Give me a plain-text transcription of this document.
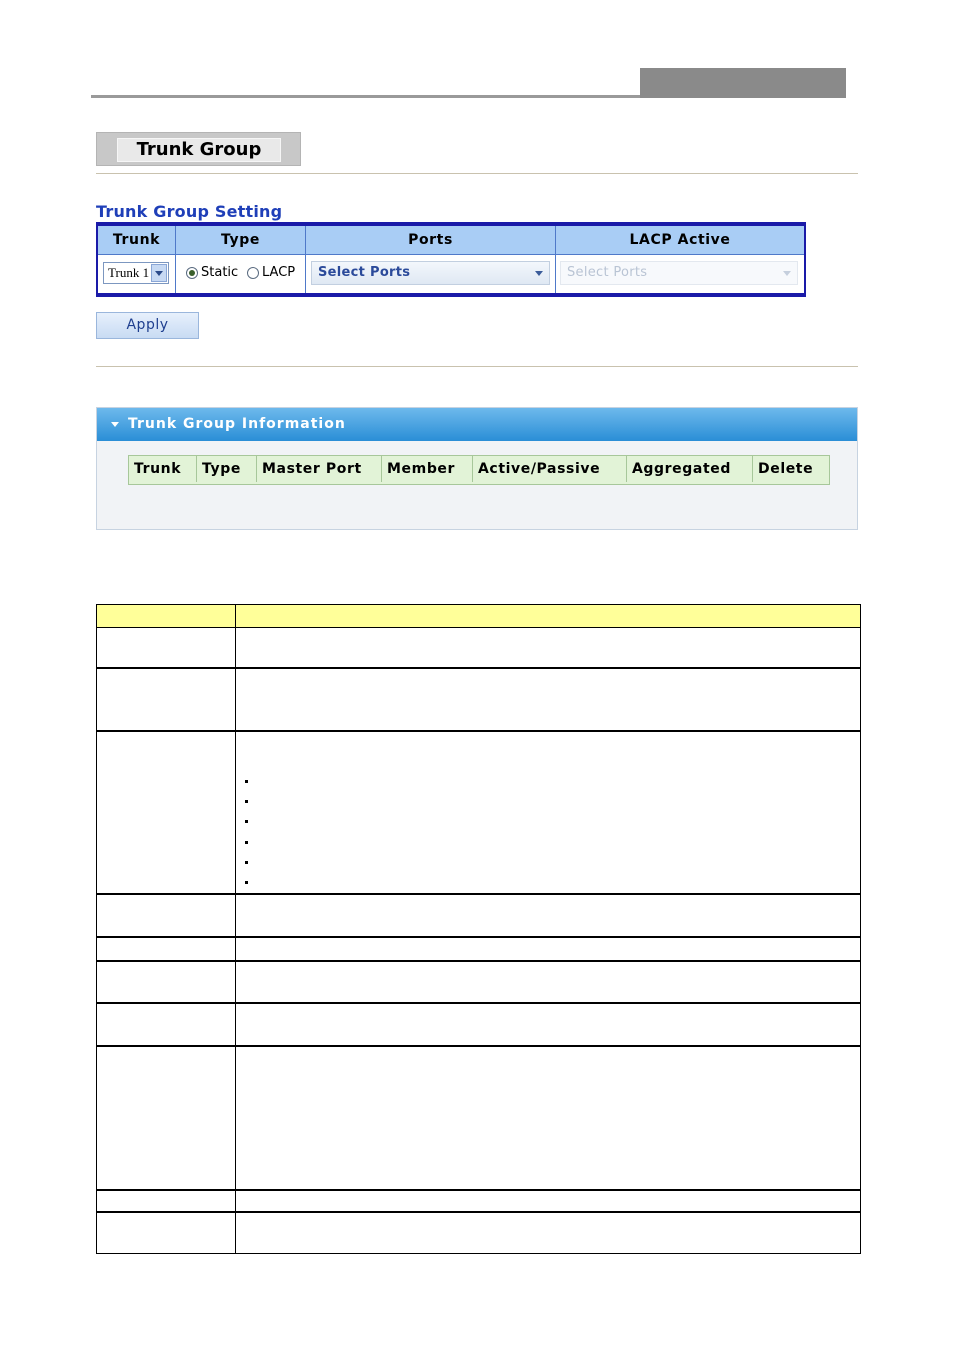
Trunk Group
Trunk Group Setting
Trunk	Type	Ports	LACP Active
Trunk 1	Static LACP	Select Ports	Select Ports
Apply
Trunk Group Information
Trunk	Type	Master Port	Member	Active/Passive	Aggregated	Delete
